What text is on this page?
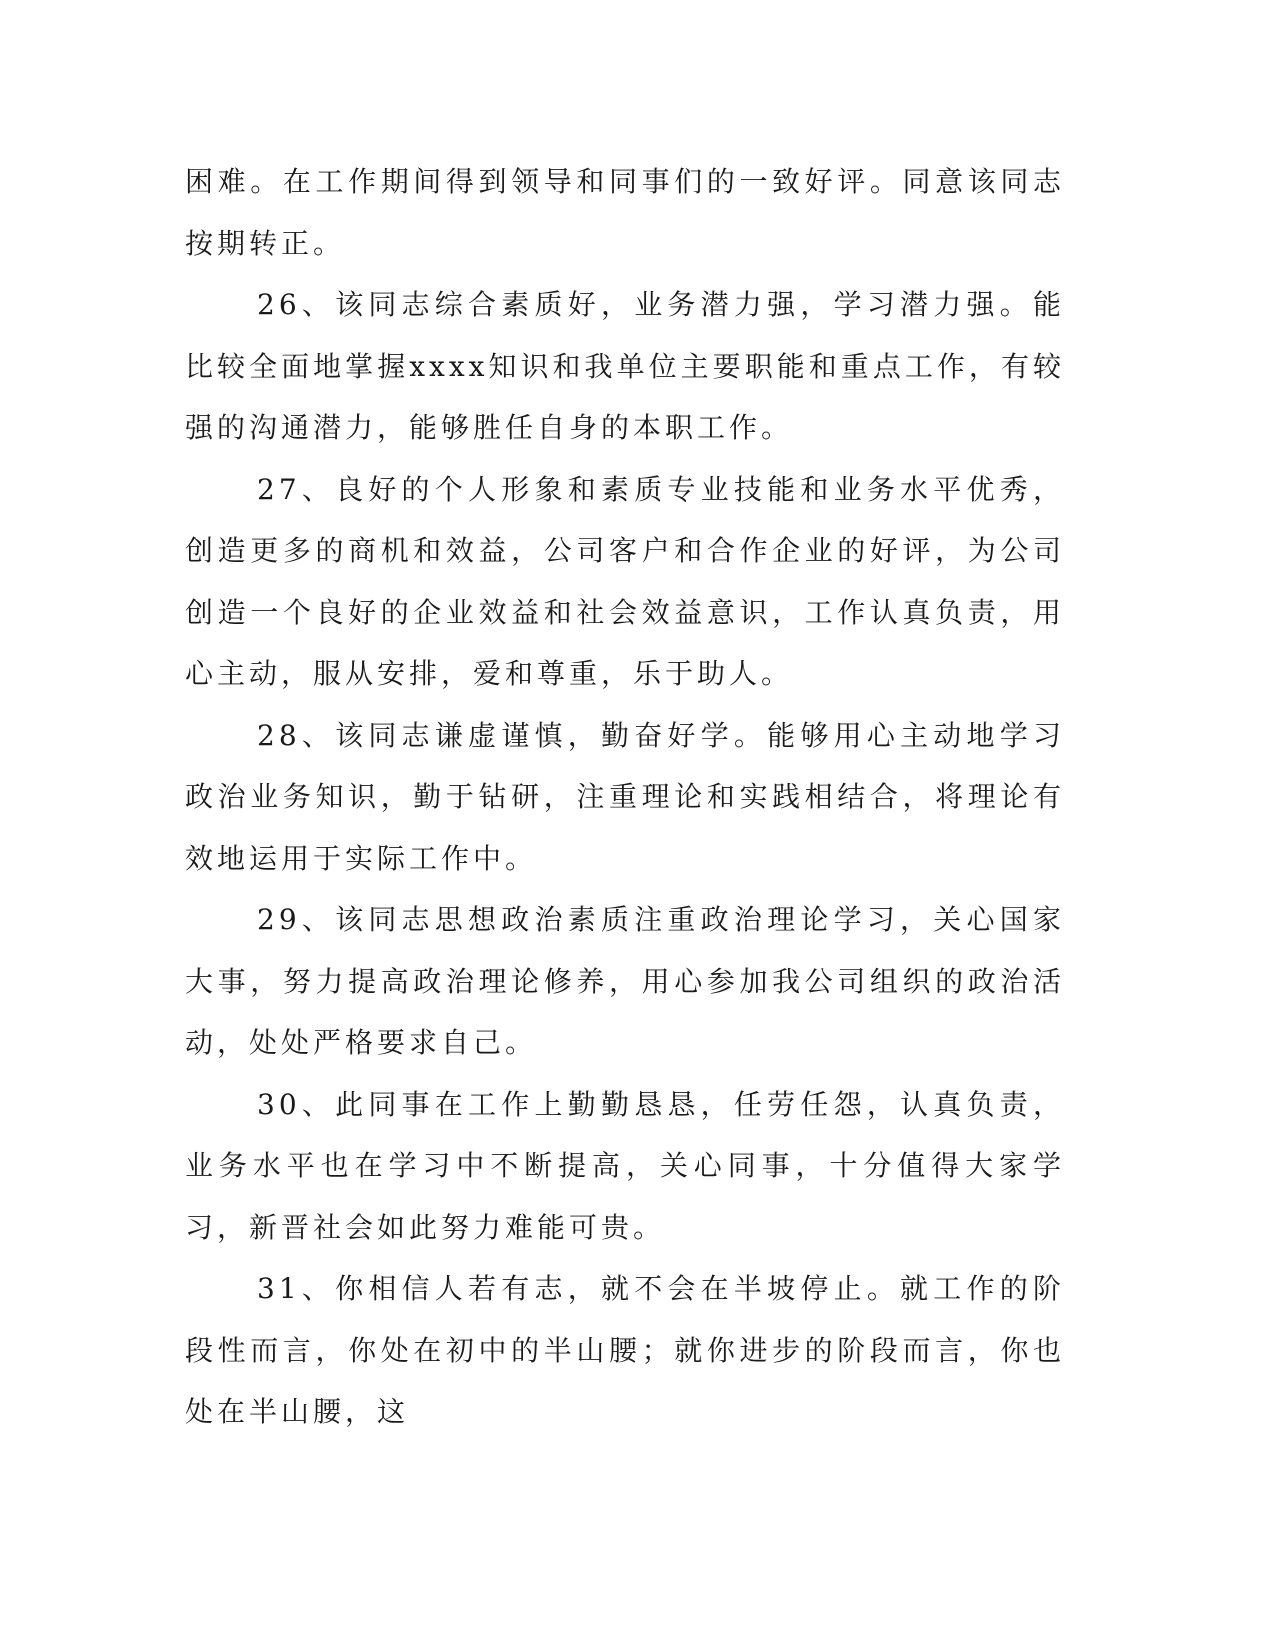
困难。在工作期间得到领导和同事们的一致好评。同意该同志按期转正。

26、该同志综合素质好，业务潜力强，学习潜力强。能比较全面地掌握xxxx知识和我单位主要职能和重点工作，有较强的沟通潜力，能够胜任自身的本职工作。

27、良好的个人形象和素质专业技能和业务水平优秀，创造更多的商机和效益，公司客户和合作企业的好评，为公司创造一个良好的企业效益和社会效益意识，工作认真负责，用心主动，服从安排，爱和尊重，乐于助人。

28、该同志谦虚谨慎，勤奋好学。能够用心主动地学习政治业务知识，勤于钻研，注重理论和实践相结合，将理论有效地运用于实际工作中。

29、该同志思想政治素质注重政治理论学习，关心国家大事，努力提高政治理论修养，用心参加我公司组织的政治活动，处处严格要求自己。

30、此同事在工作上勤勤恳恳，任劳任怨，认真负责，业务水平也在学习中不断提高，关心同事，十分值得大家学习，新晋社会如此努力难能可贵。

31、你相信人若有志，就不会在半坡停止。就工作的阶段性而言，你处在初中的半山腰；就你进步的阶段而言，你也处在半山腰，这
